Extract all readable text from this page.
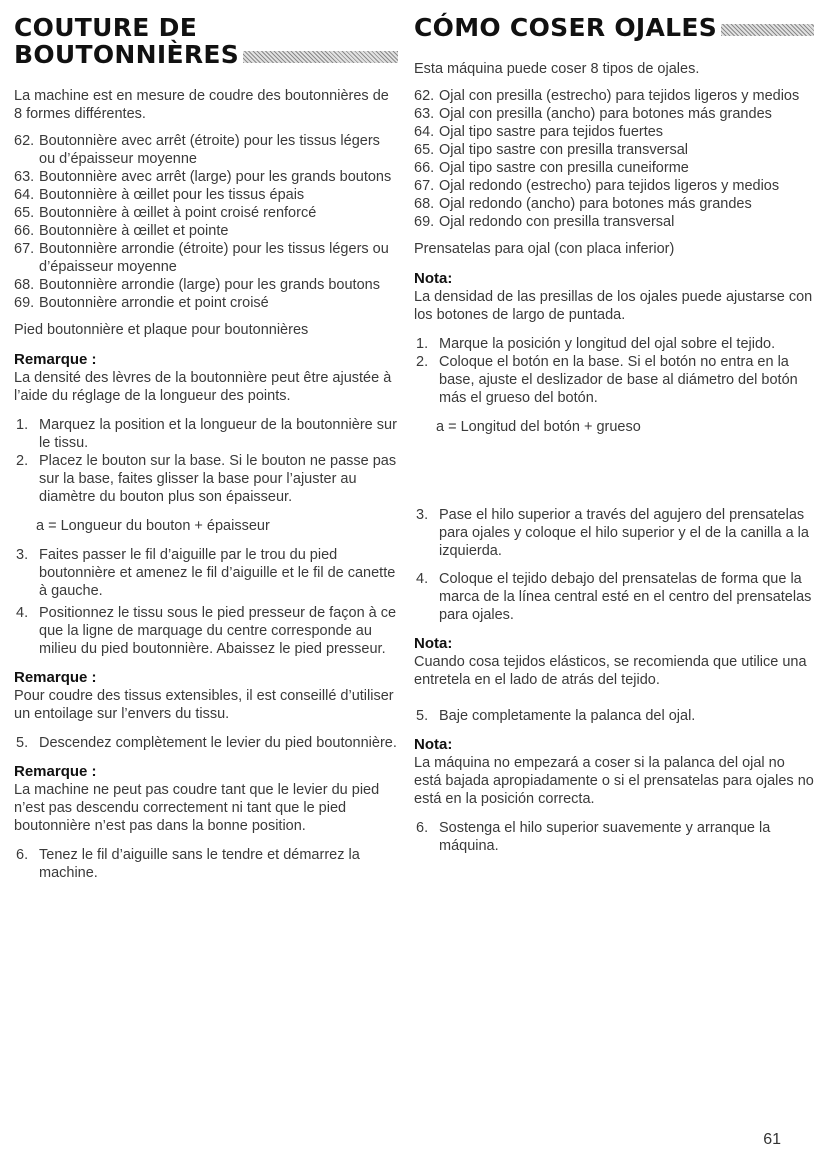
COUTURE DE
BOUTONNIÈRES

La machine est en mesure de coudre des boutonnières de 8 formes différentes.

62. Boutonnière avec arrêt (étroite) pour les tissus légers ou d’épaisseur moyenne
63. Boutonnière avec arrêt (large) pour les grands boutons
64. Boutonnière à œillet pour les tissus épais
65. Boutonnière à œillet à point croisé renforcé
66. Boutonnière à œillet et pointe
67. Boutonnière arrondie (étroite) pour les tissus légers ou d’épaisseur moyenne
68. Boutonnière arrondie (large) pour les grands boutons
69. Boutonnière arrondie et point croisé

Pied boutonnière et plaque pour boutonnières

Remarque :

La densité des lèvres de la boutonnière peut être ajustée à l’aide du réglage de la longueur des points.

1. Marquez la position et la longueur de la boutonnière sur le tissu.
2. Placez le bouton sur la base. Si le bouton ne passe pas sur la base, faites glisser la base pour l’ajuster au diamètre du bouton plus son épaisseur.

a = Longueur du bouton + épaisseur

3. Faites passer le fil d’aiguille par le trou du pied boutonnière et amenez le fil d’aiguille et le fil de canette à gauche.
4. Positionnez le tissu sous le pied presseur de façon à ce que la ligne de marquage du centre corresponde au milieu du pied boutonnière. Abaissez le pied presseur.

Remarque :

Pour coudre des tissus extensibles, il est conseillé d’utiliser un entoilage sur l’envers du tissu.

5. Descendez complètement le levier du pied boutonnière.

Remarque :

La machine ne peut pas coudre tant que le levier du pied n’est pas descendu correctement ni tant que le pied boutonnière n’est pas dans la bonne position.

6. Tenez le fil d’aiguille sans le tendre et démarrez la machine.
CÓMO COSER OJALES

Esta máquina puede coser 8 tipos de ojales.

62. Ojal con presilla (estrecho) para tejidos ligeros y medios
63. Ojal con presilla (ancho) para botones más grandes
64. Ojal tipo sastre para tejidos fuertes
65. Ojal tipo sastre con presilla transversal
66. Ojal tipo sastre con presilla cuneiforme
67. Ojal redondo (estrecho) para tejidos ligeros y medios
68. Ojal redondo (ancho) para botones más grandes
69. Ojal redondo con presilla transversal

Prensatelas para ojal (con placa inferior)

Nota:

La densidad de las presillas de los ojales puede ajustarse con los botones de largo de puntada.

1. Marque la posición y longitud del ojal sobre el tejido.
2. Coloque el botón en la base. Si el botón no entra en la base, ajuste el deslizador de base al diámetro del botón más el grueso del botón.

a = Longitud del botón + grueso

3. Pase el hilo superior a través del agujero del prensatelas para ojales y coloque el hilo superior y el de la canilla a la izquierda.
4. Coloque el tejido debajo del prensatelas de forma que la marca de la línea central esté en el centro del prensatelas para ojales.

Nota:

Cuando cosa tejidos elásticos, se recomienda que utilice una entretela en el lado de atrás del tejido.

5. Baje completamente la palanca del ojal.

Nota:

La máquina no empezará a coser si la palanca del ojal no está bajada apropiadamente o si el prensatelas para ojales no está en la posición correcta.

6. Sostenga el hilo superior suavemente y arranque la máquina.
61
